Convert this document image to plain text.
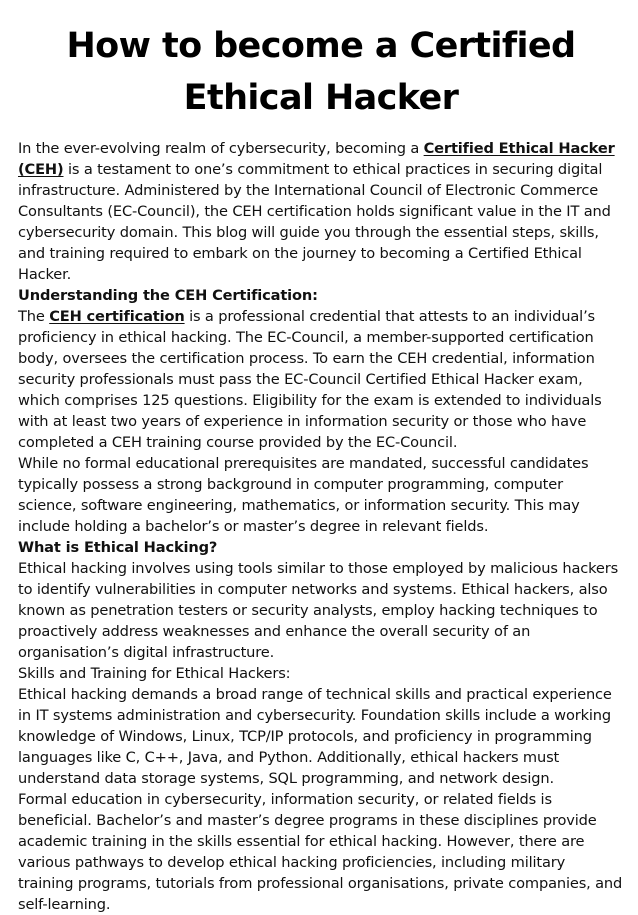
How to become a Certified Ethical Hacker

In the ever-evolving realm of cybersecurity, becoming a Certified Ethical Hacker (CEH) is a testament to one’s commitment to ethical practices in securing digital infrastructure. Administered by the International Council of Electronic Commerce Consultants (EC-Council), the CEH certification holds significant value in the IT and cybersecurity domain. This blog will guide you through the essential steps, skills, and training required to embark on the journey to becoming a Certified Ethical Hacker.

Understanding the CEH Certification:

The CEH certification is a professional credential that attests to an individual’s proficiency in ethical hacking. The EC-Council, a member-supported certification body, oversees the certification process. To earn the CEH credential, information security professionals must pass the EC-Council Certified Ethical Hacker exam, which comprises 125 questions. Eligibility for the exam is extended to individuals with at least two years of experience in information security or those who have completed a CEH training course provided by the EC-Council.

While no formal educational prerequisites are mandated, successful candidates typically possess a strong background in computer programming, computer science, software engineering, mathematics, or information security. This may include holding a bachelor’s or master’s degree in relevant fields.

What is Ethical Hacking?

Ethical hacking involves using tools similar to those employed by malicious hackers to identify vulnerabilities in computer networks and systems. Ethical hackers, also known as penetration testers or security analysts, employ hacking techniques to proactively address weaknesses and enhance the overall security of an organisation’s digital infrastructure.

Skills and Training for Ethical Hackers:

Ethical hacking demands a broad range of technical skills and practical experience in IT systems administration and cybersecurity. Foundation skills include a working knowledge of Windows, Linux, TCP/IP protocols, and proficiency in programming languages like C, C++, Java, and Python. Additionally, ethical hackers must understand data storage systems, SQL programming, and network design.

Formal education in cybersecurity, information security, or related fields is beneficial. Bachelor’s and master’s degree programs in these disciplines provide academic training in the skills essential for ethical hacking. However, there are various pathways to develop ethical hacking proficiencies, including military training programs, tutorials from professional organisations, private companies, and self-learning.
